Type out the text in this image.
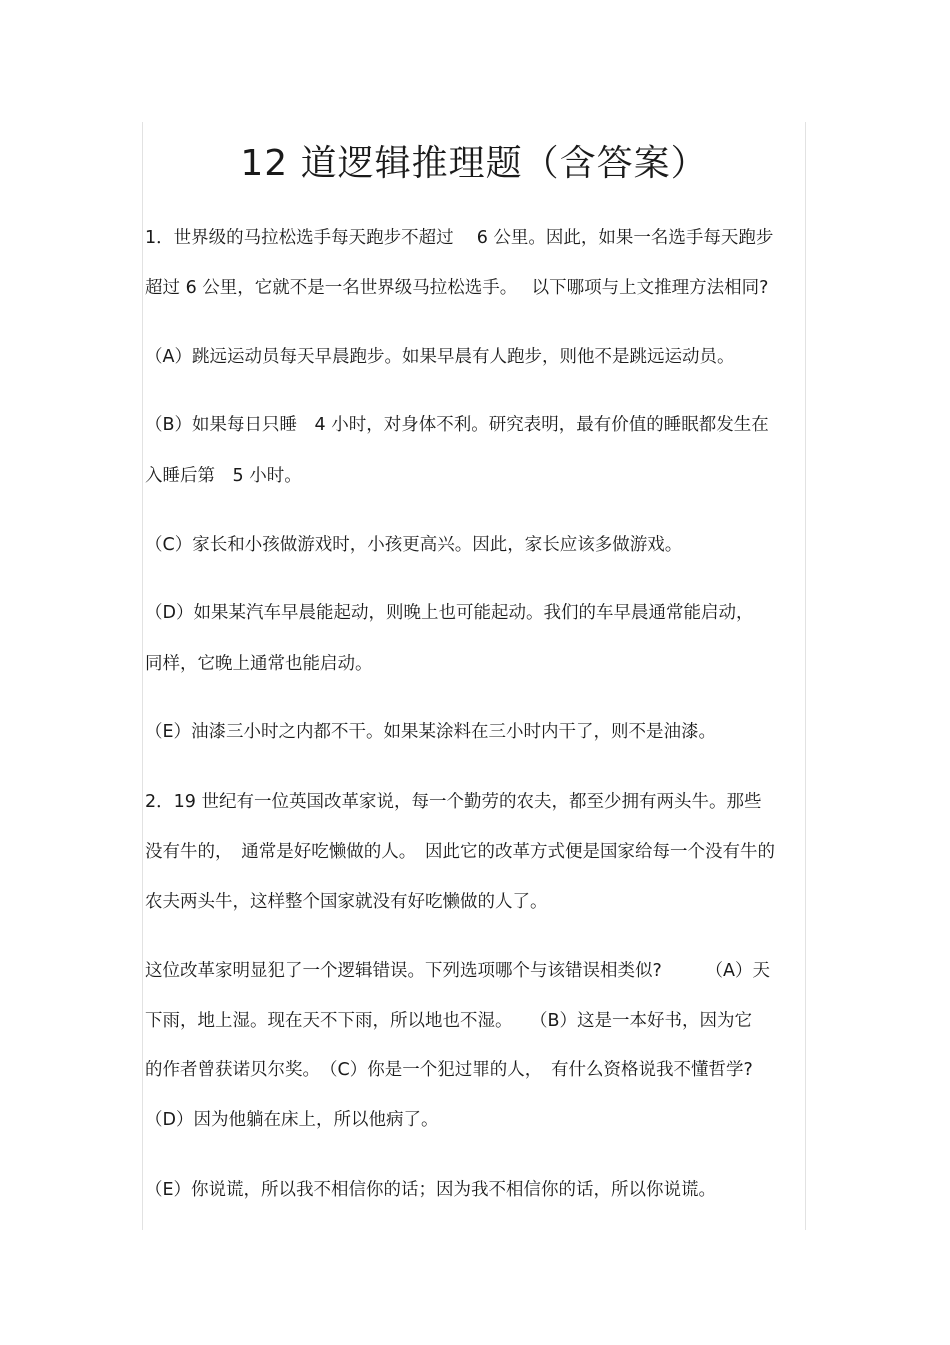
12 道逻辑推理题（含答案）
1．世界级的马拉松选手每天跑步不超过　 6 公里。因此，如果一名选手每天跑步
超过 6 公里，它就不是一名世界级马拉松选手。　 以下哪项与上文推理方法相同?
（A）跳远运动员每天早晨跑步。如果早晨有人跑步，则他不是跳远运动员。
（B）如果每日只睡　4 小时，对身体不利。研究表明，最有价值的睡眠都发生在
入睡后第　5 小时。
（C）家长和小孩做游戏时，小孩更高兴。因此，家长应该多做游戏。
（D）如果某汽车早晨能起动，则晚上也可能起动。我们的车早晨通常能启动，
同样，它晚上通常也能启动。
（E）油漆三小时之内都不干。如果某涂料在三小时内干了，则不是油漆。
2．19 世纪有一位英国改革家说，每一个勤劳的农夫，都至少拥有两头牛。那些
没有牛的，　通常是好吃懒做的人。　因此它的改革方式便是国家给每一个没有牛的
农夫两头牛，这样整个国家就没有好吃懒做的人了。
这位改革家明显犯了一个逻辑错误。下列选项哪个与该错误相类似?　　　（A）天
下雨，地上湿。现在天不下雨，所以地也不湿。　　（B）这是一本好书，因为它
的作者曾获诺贝尔奖。　（C）你是一个犯过罪的人，　有什么资格说我不懂哲学?
（D）因为他躺在床上，所以他病了。
（E）你说谎，所以我不相信你的话；因为我不相信你的话，所以你说谎。
